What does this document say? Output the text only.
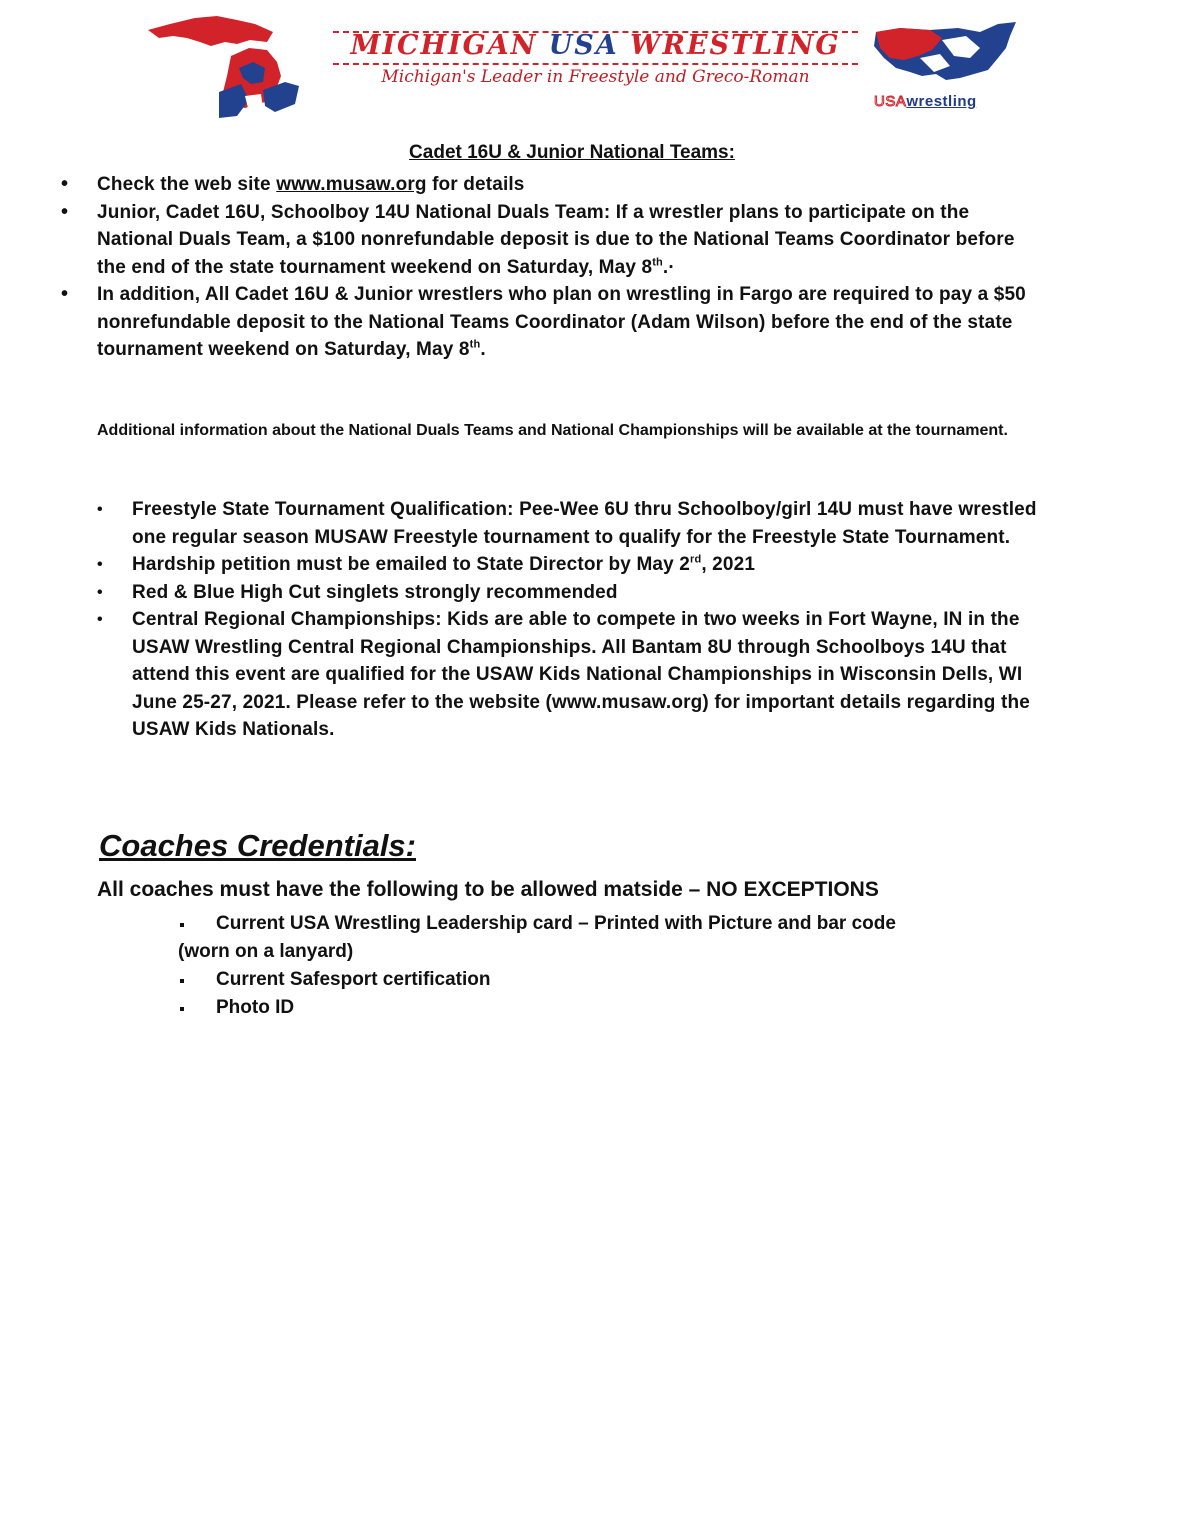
MICHIGAN USA WRESTLING
Michigan's Leader in Freestyle and Greco-Roman
USAwrestling
Cadet 16U & Junior National Teams:
• Check the web site www.musaw.org for details
• Junior, Cadet 16U, Schoolboy 14U National Duals Team: If a wrestler plans to participate on the National Duals Team, a $100 nonrefundable deposit is due to the National Teams Coordinator before the end of the state tournament weekend on Saturday, May 8th.·
• In addition, All Cadet 16U & Junior wrestlers who plan on wrestling in Fargo are required to pay a $50 nonrefundable deposit to the National Teams Coordinator (Adam Wilson) before the end of the state tournament weekend on Saturday, May 8th.
Additional information about the National Duals Teams and National Championships will be available at the tournament.
• Freestyle State Tournament Qualification: Pee-Wee 6U thru Schoolboy/girl 14U must have wrestled one regular season MUSAW Freestyle tournament to qualify for the Freestyle State Tournament.
• Hardship petition must be emailed to State Director by May 2rd, 2021
• Red & Blue High Cut singlets strongly recommended
• Central Regional Championships: Kids are able to compete in two weeks in Fort Wayne, IN in the USAW Wrestling Central Regional Championships. All Bantam 8U through Schoolboys 14U that attend this event are qualified for the USAW Kids National Championships in Wisconsin Dells, WI June 25-27, 2021. Please refer to the website (www.musaw.org) for important details regarding the USAW Kids Nationals.
Coaches Credentials:
All coaches must have the following to be allowed matside – NO EXCEPTIONS
Current USA Wrestling Leadership card – Printed with Picture and bar code
(worn on a lanyard)
Current Safesport certification
Photo ID
